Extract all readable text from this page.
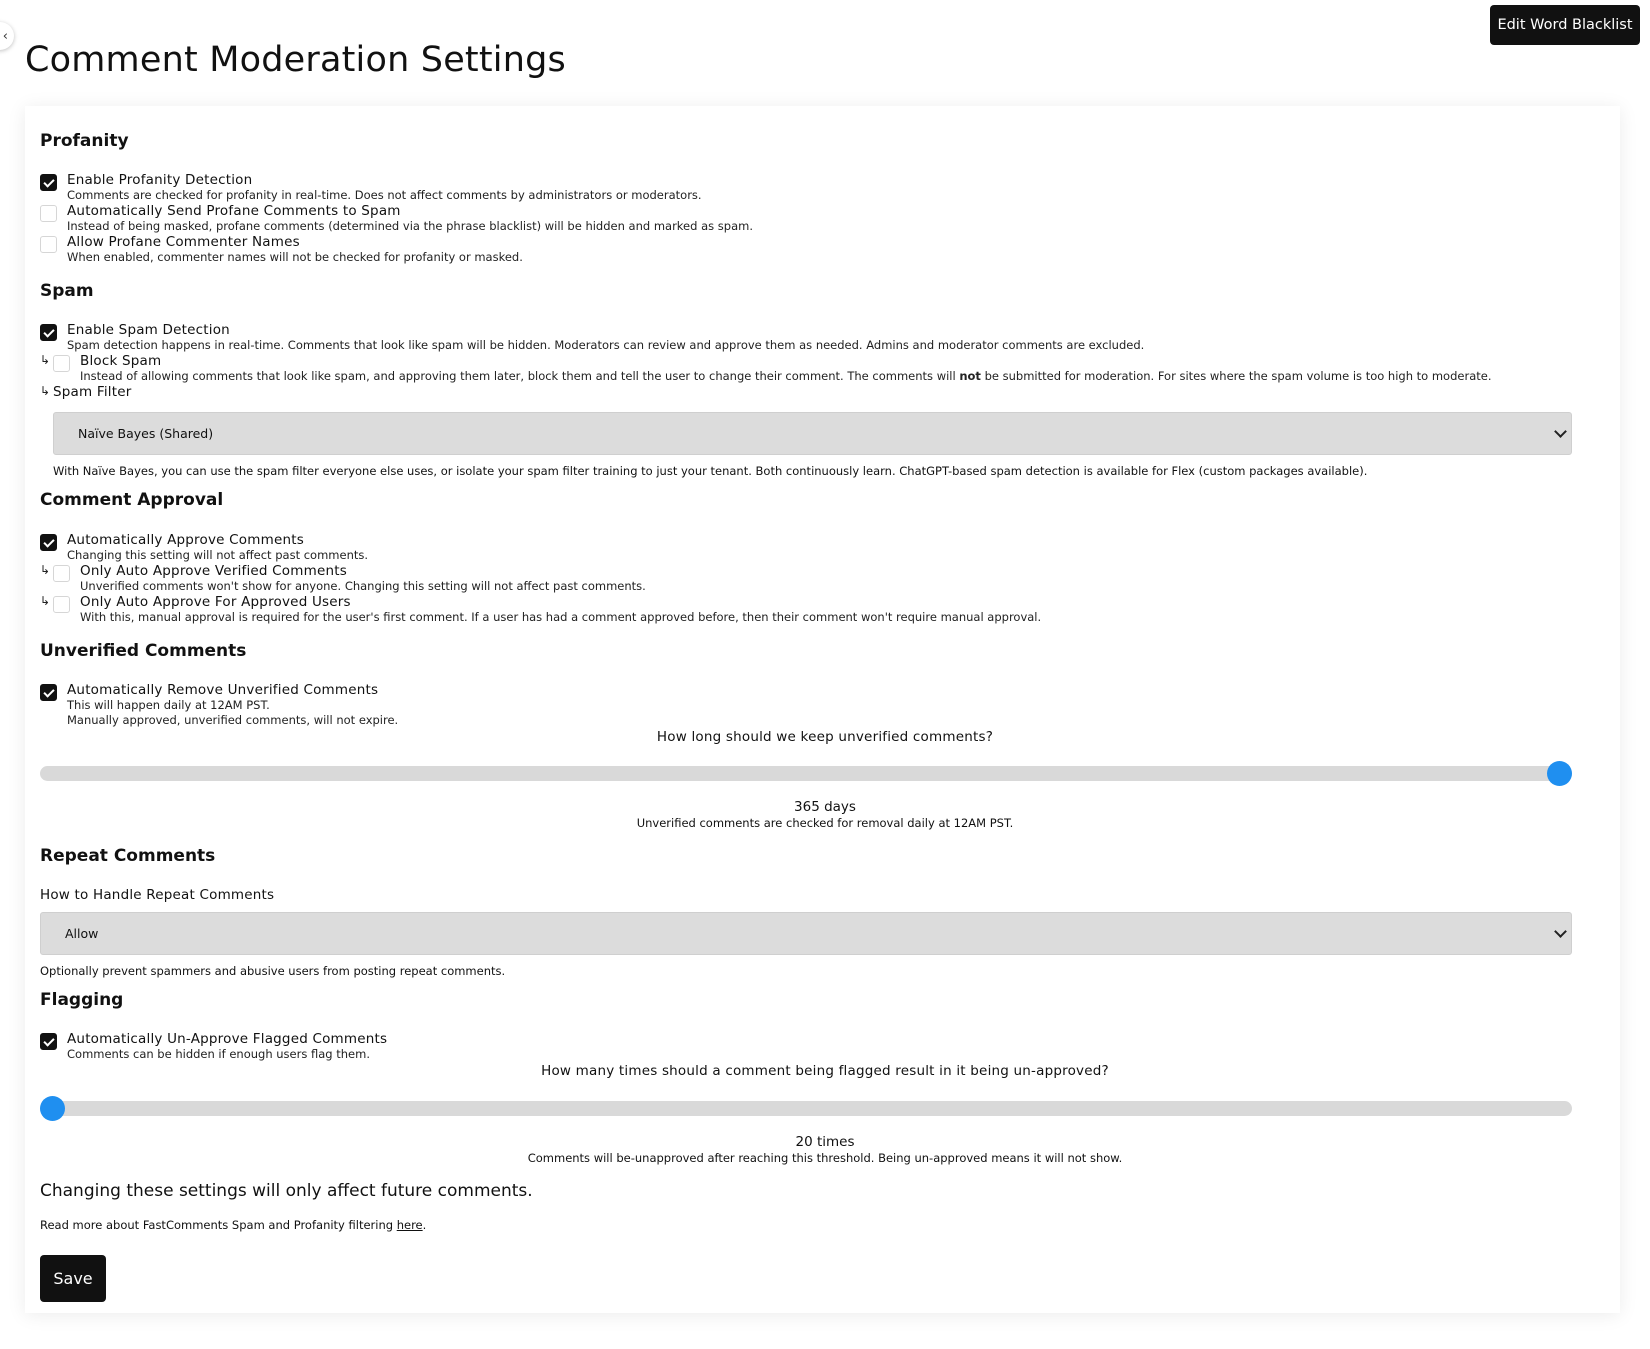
‹
Edit Word Blacklist
Comment Moderation Settings
Profanity
Enable Profanity Detection
Comments are checked for profanity in real-time. Does not affect comments by administrators or moderators.
Automatically Send Profane Comments to Spam
Instead of being masked, profane comments (determined via the phrase blacklist) will be hidden and marked as spam.
Allow Profane Commenter Names
When enabled, commenter names will not be checked for profanity or masked.
Spam
Enable Spam Detection
Spam detection happens in real-time. Comments that look like spam will be hidden. Moderators can review and approve them as needed. Admins and moderator comments are excluded.
↳ Block Spam
Instead of allowing comments that look like spam, and approving them later, block them and tell the user to change their comment. The comments will not be submitted for moderation. For sites where the spam volume is too high to moderate.
↳ Spam Filter
Naïve Bayes (Shared)
With Naïve Bayes, you can use the spam filter everyone else uses, or isolate your spam filter training to just your tenant. Both continuously learn. ChatGPT-based spam detection is available for Flex (custom packages available).
Comment Approval
Automatically Approve Comments
Changing this setting will not affect past comments.
↳ Only Auto Approve Verified Comments
Unverified comments won't show for anyone. Changing this setting will not affect past comments.
↳ Only Auto Approve For Approved Users
With this, manual approval is required for the user's first comment. If a user has had a comment approved before, then their comment won't require manual approval.
Unverified Comments
Automatically Remove Unverified Comments
This will happen daily at 12AM PST.
Manually approved, unverified comments, will not expire.
How long should we keep unverified comments?
365 days
Unverified comments are checked for removal daily at 12AM PST.
Repeat Comments
How to Handle Repeat Comments
Allow
Optionally prevent spammers and abusive users from posting repeat comments.
Flagging
Automatically Un-Approve Flagged Comments
Comments can be hidden if enough users flag them.
How many times should a comment being flagged result in it being un-approved?
20 times
Comments will be-unapproved after reaching this threshold. Being un-approved means it will not show.
Changing these settings will only affect future comments.
Read more about FastComments Spam and Profanity filtering here.
Save
